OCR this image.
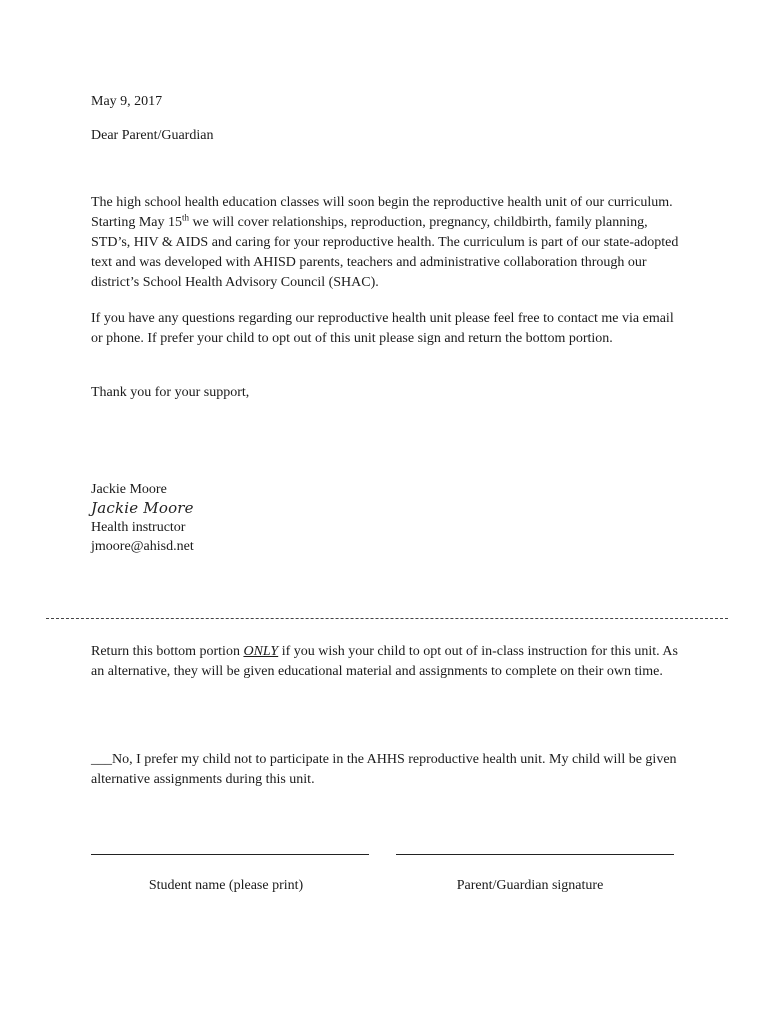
May 9, 2017

Dear Parent/Guardian

The high school health education classes will soon begin the reproductive health unit of our curriculum. Starting May 15th we will cover relationships, reproduction, pregnancy, childbirth, family planning, STD’s, HIV & AIDS and caring for your reproductive health. The curriculum is part of our state-adopted text and was developed with AHISD parents, teachers and administrative collaboration through our district’s School Health Advisory Council (SHAC).

If you have any questions regarding our reproductive health unit please feel free to contact me via email or phone. If prefer your child to opt out of this unit please sign and return the bottom portion.

Thank you for your support,

Jackie Moore

Jackie Moore

Health instructor

jmoore@ahisd.net

Return this bottom portion ONLY if you wish your child to opt out of in-class instruction for this unit. As an alternative, they will be given educational material and assignments to complete on their own time.

___No, I prefer my child not to participate in the AHHS reproductive health unit. My child will be given alternative assignments during this unit.

Student name (please print)	Parent/Guardian signature
